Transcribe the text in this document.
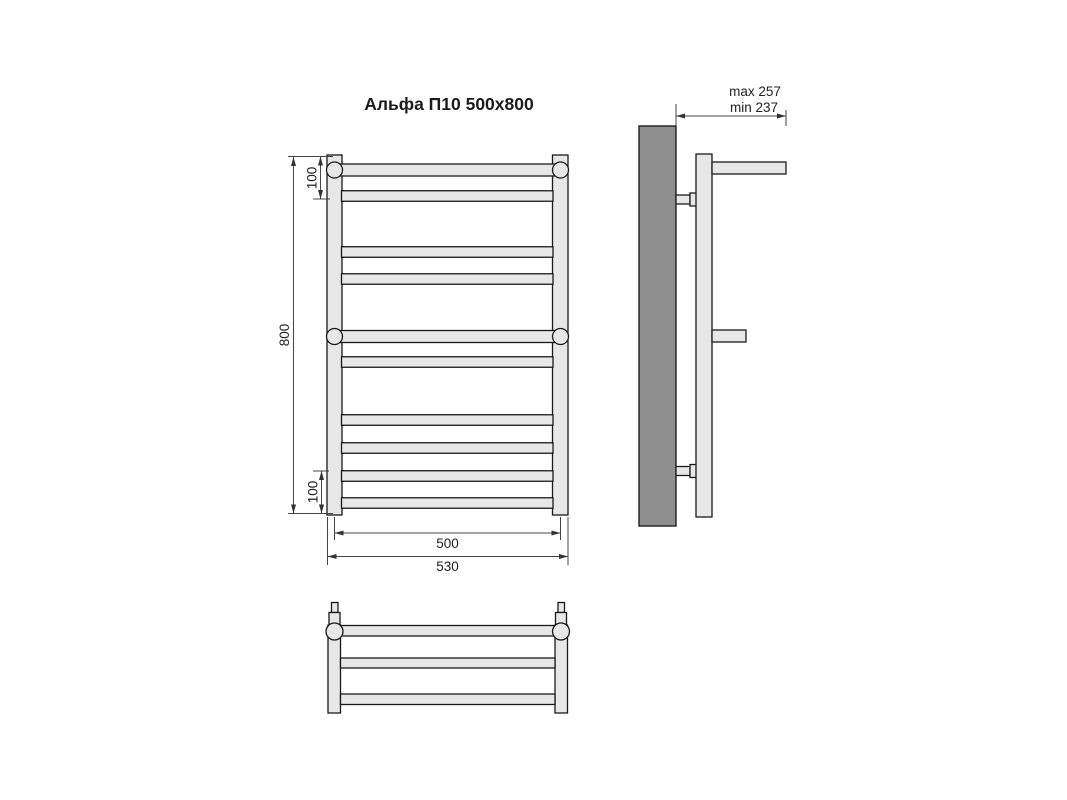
Альфа П10 500x800
800
100
100
500
530
max 257
min 237
